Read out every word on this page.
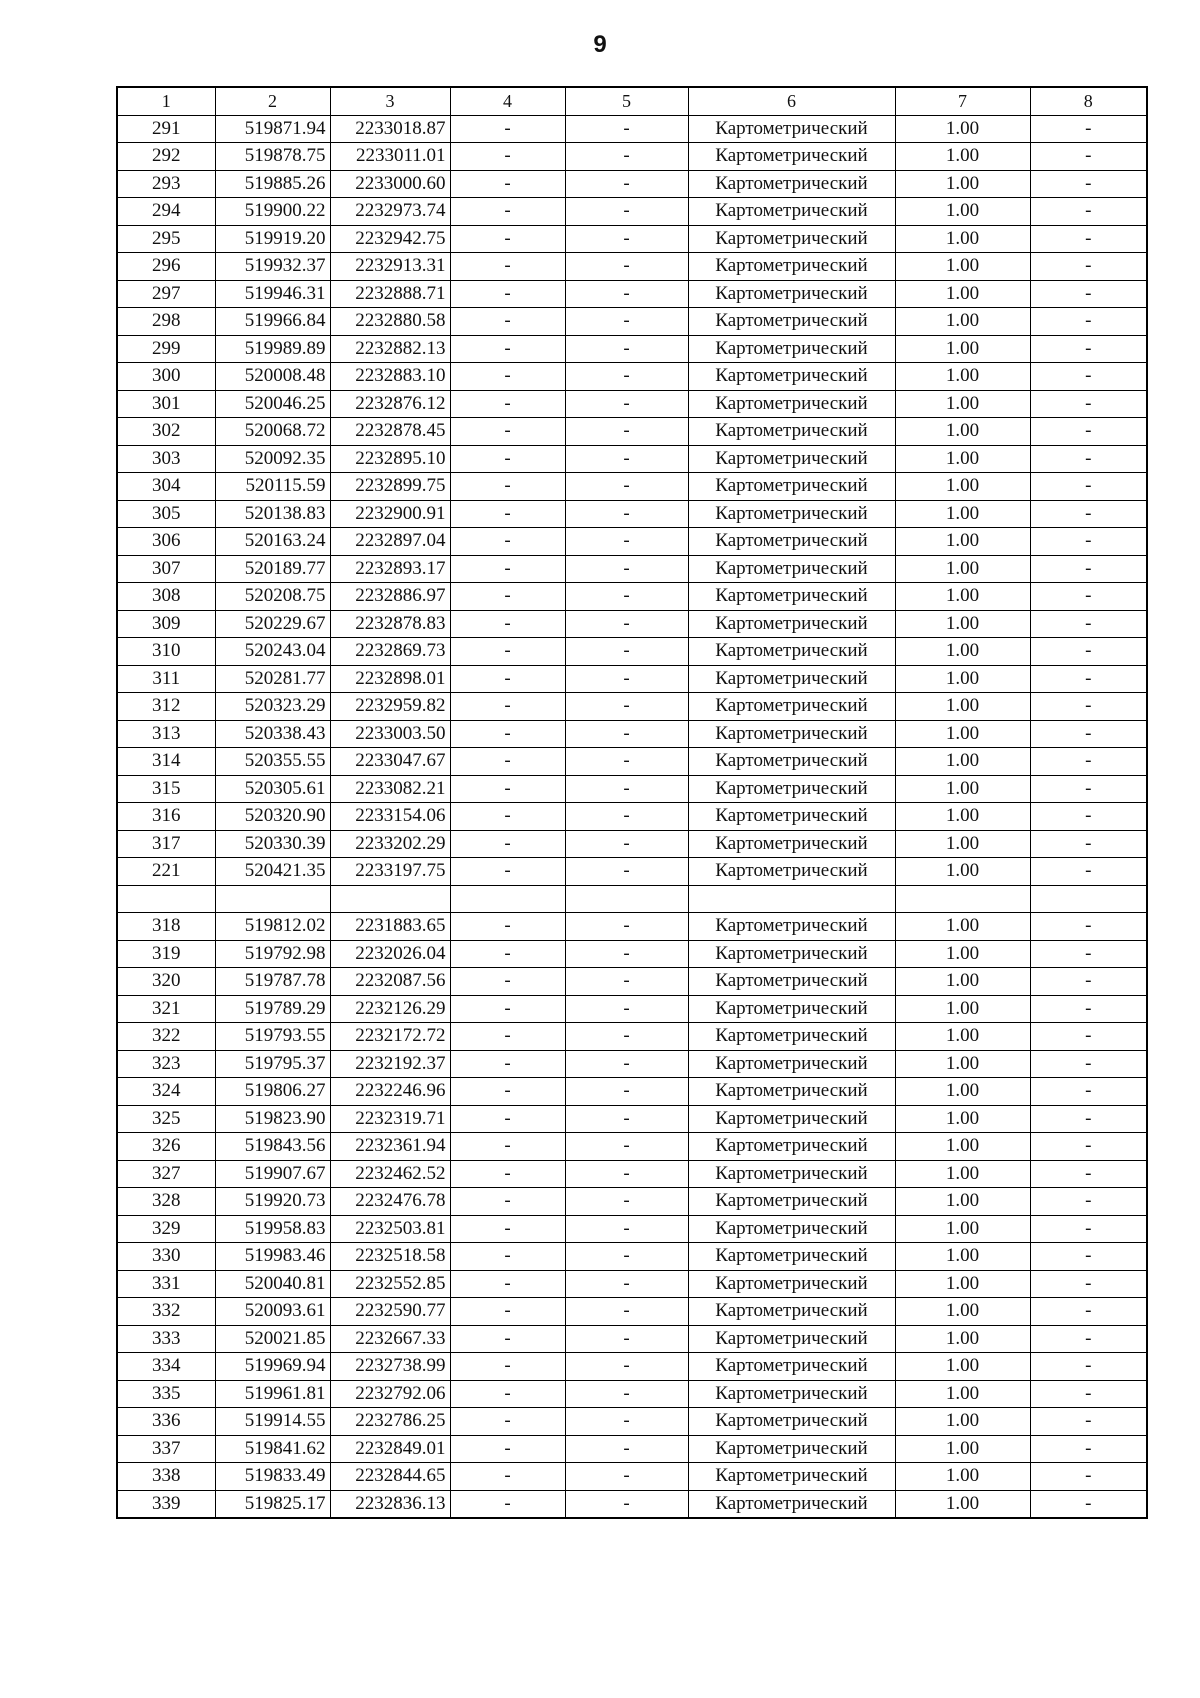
9
1	2	3	4	5	6	7	8
291	519871.94	2233018.87	-	-	Картометрический	1.00	-
292	519878.75	2233011.01	-	-	Картометрический	1.00	-
293	519885.26	2233000.60	-	-	Картометрический	1.00	-
294	519900.22	2232973.74	-	-	Картометрический	1.00	-
295	519919.20	2232942.75	-	-	Картометрический	1.00	-
296	519932.37	2232913.31	-	-	Картометрический	1.00	-
297	519946.31	2232888.71	-	-	Картометрический	1.00	-
298	519966.84	2232880.58	-	-	Картометрический	1.00	-
299	519989.89	2232882.13	-	-	Картометрический	1.00	-
300	520008.48	2232883.10	-	-	Картометрический	1.00	-
301	520046.25	2232876.12	-	-	Картометрический	1.00	-
302	520068.72	2232878.45	-	-	Картометрический	1.00	-
303	520092.35	2232895.10	-	-	Картометрический	1.00	-
304	520115.59	2232899.75	-	-	Картометрический	1.00	-
305	520138.83	2232900.91	-	-	Картометрический	1.00	-
306	520163.24	2232897.04	-	-	Картометрический	1.00	-
307	520189.77	2232893.17	-	-	Картометрический	1.00	-
308	520208.75	2232886.97	-	-	Картометрический	1.00	-
309	520229.67	2232878.83	-	-	Картометрический	1.00	-
310	520243.04	2232869.73	-	-	Картометрический	1.00	-
311	520281.77	2232898.01	-	-	Картометрический	1.00	-
312	520323.29	2232959.82	-	-	Картометрический	1.00	-
313	520338.43	2233003.50	-	-	Картометрический	1.00	-
314	520355.55	2233047.67	-	-	Картометрический	1.00	-
315	520305.61	2233082.21	-	-	Картометрический	1.00	-
316	520320.90	2233154.06	-	-	Картометрический	1.00	-
317	520330.39	2233202.29	-	-	Картометрический	1.00	-
221	520421.35	2233197.75	-	-	Картометрический	1.00	-

318	519812.02	2231883.65	-	-	Картометрический	1.00	-
319	519792.98	2232026.04	-	-	Картометрический	1.00	-
320	519787.78	2232087.56	-	-	Картометрический	1.00	-
321	519789.29	2232126.29	-	-	Картометрический	1.00	-
322	519793.55	2232172.72	-	-	Картометрический	1.00	-
323	519795.37	2232192.37	-	-	Картометрический	1.00	-
324	519806.27	2232246.96	-	-	Картометрический	1.00	-
325	519823.90	2232319.71	-	-	Картометрический	1.00	-
326	519843.56	2232361.94	-	-	Картометрический	1.00	-
327	519907.67	2232462.52	-	-	Картометрический	1.00	-
328	519920.73	2232476.78	-	-	Картометрический	1.00	-
329	519958.83	2232503.81	-	-	Картометрический	1.00	-
330	519983.46	2232518.58	-	-	Картометрический	1.00	-
331	520040.81	2232552.85	-	-	Картометрический	1.00	-
332	520093.61	2232590.77	-	-	Картометрический	1.00	-
333	520021.85	2232667.33	-	-	Картометрический	1.00	-
334	519969.94	2232738.99	-	-	Картометрический	1.00	-
335	519961.81	2232792.06	-	-	Картометрический	1.00	-
336	519914.55	2232786.25	-	-	Картометрический	1.00	-
337	519841.62	2232849.01	-	-	Картометрический	1.00	-
338	519833.49	2232844.65	-	-	Картометрический	1.00	-
339	519825.17	2232836.13	-	-	Картометрический	1.00	-
